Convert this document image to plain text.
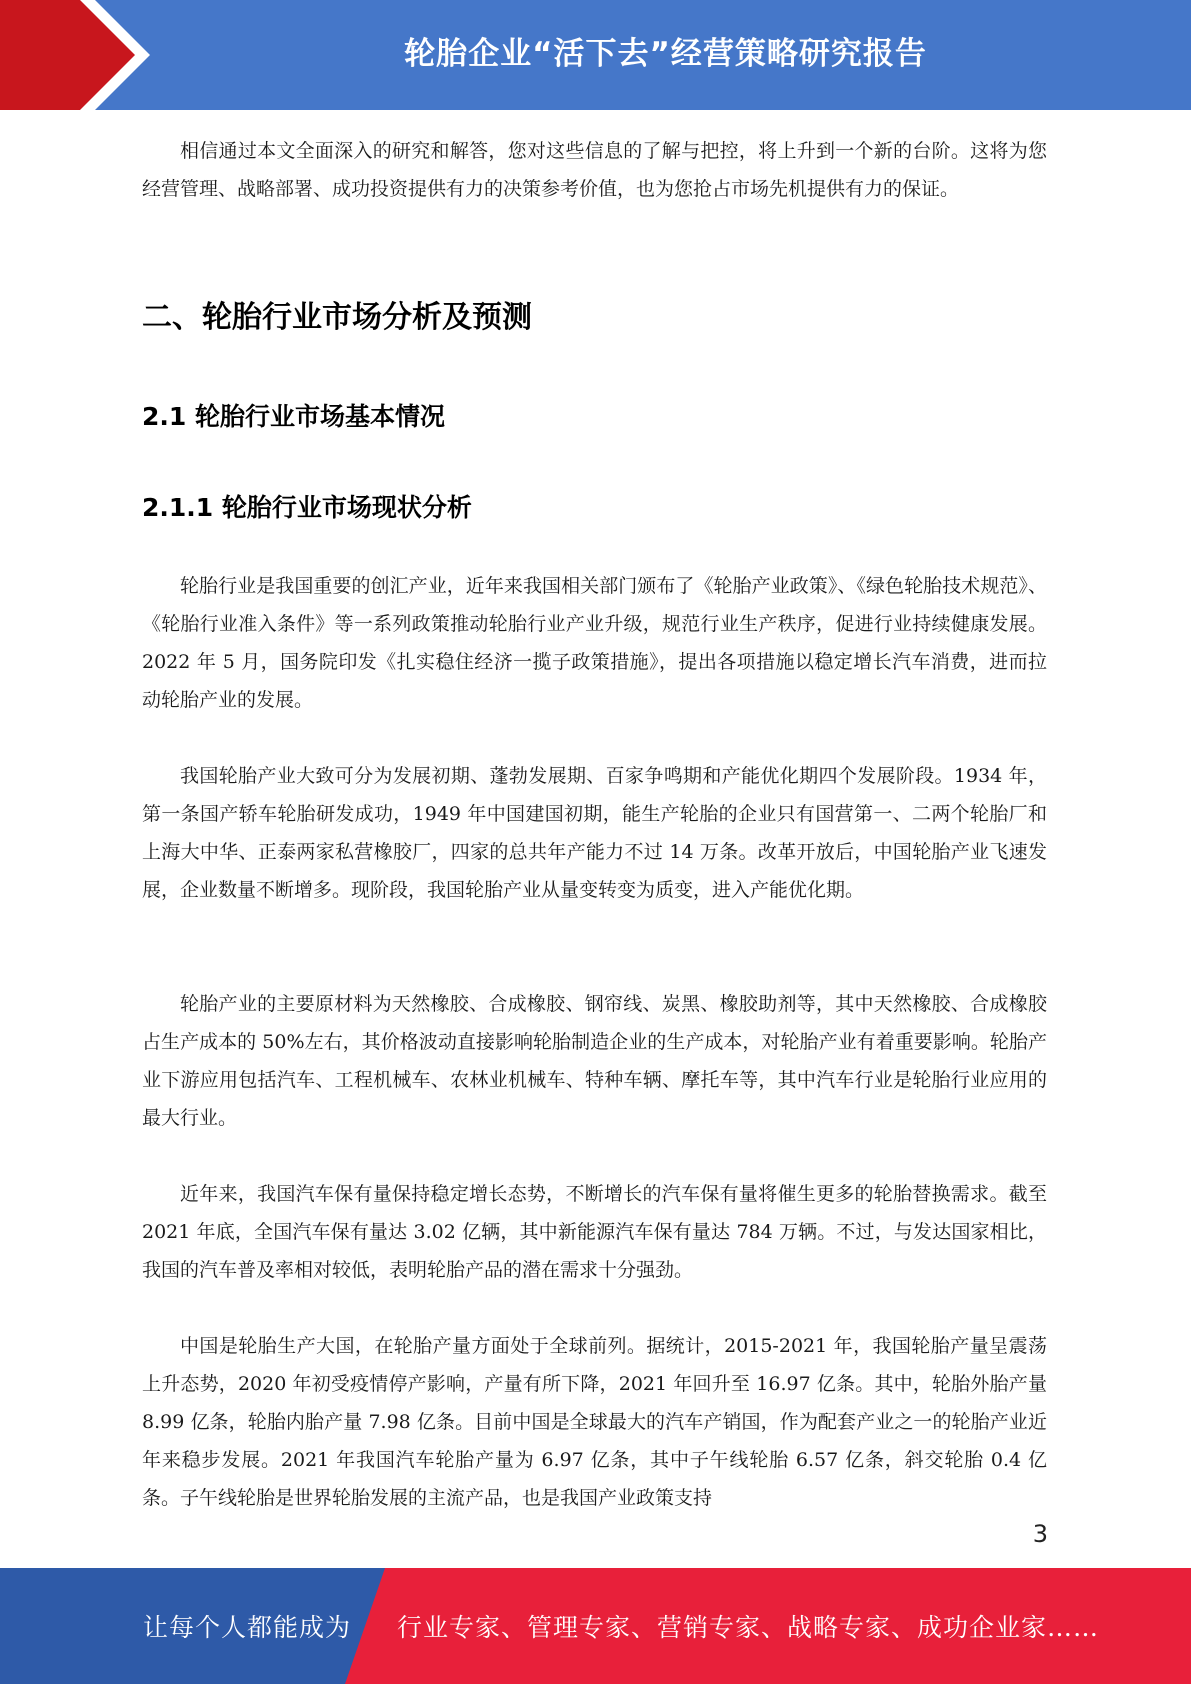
轮胎企业“活下去”经营策略研究报告

相信通过本文全面深入的研究和解答，您对这些信息的了解与把控，将上升到一个新的台阶。这将为您经营管理、战略部署、成功投资提供有力的决策参考价值，也为您抢占市场先机提供有力的保证。

二、轮胎行业市场分析及预测
2.1 轮胎行业市场基本情况
2.1.1 轮胎行业市场现状分析

轮胎行业是我国重要的创汇产业，近年来我国相关部门颁布了《轮胎产业政策》、《绿色轮胎技术规范》、《轮胎行业准入条件》等一系列政策推动轮胎行业产业升级，规范行业生产秩序，促进行业持续健康发展。2022 年 5 月，国务院印发《扎实稳住经济一揽子政策措施》，提出各项措施以稳定增长汽车消费，进而拉动轮胎产业的发展。

我国轮胎产业大致可分为发展初期、蓬勃发展期、百家争鸣期和产能优化期四个发展阶段。1934 年，第一条国产轿车轮胎研发成功，1949 年中国建国初期，能生产轮胎的企业只有国营第一、二两个轮胎厂和上海大中华、正泰两家私营橡胶厂，四家的总共年产能力不过 14 万条。改革开放后，中国轮胎产业飞速发展，企业数量不断增多。现阶段，我国轮胎产业从量变转变为质变，进入产能优化期。

轮胎产业的主要原材料为天然橡胶、合成橡胶、钢帘线、炭黑、橡胶助剂等，其中天然橡胶、合成橡胶占生产成本的 50%左右，其价格波动直接影响轮胎制造企业的生产成本，对轮胎产业有着重要影响。轮胎产业下游应用包括汽车、工程机械车、农林业机械车、特种车辆、摩托车等，其中汽车行业是轮胎行业应用的最大行业。

近年来，我国汽车保有量保持稳定增长态势，不断增长的汽车保有量将催生更多的轮胎替换需求。截至 2021 年底，全国汽车保有量达 3.02 亿辆，其中新能源汽车保有量达 784 万辆。不过，与发达国家相比，我国的汽车普及率相对较低，表明轮胎产品的潜在需求十分强劲。

中国是轮胎生产大国，在轮胎产量方面处于全球前列。据统计，2015-2021 年，我国轮胎产量呈震荡上升态势，2020 年初受疫情停产影响，产量有所下降，2021 年回升至 16.97 亿条。其中，轮胎外胎产量 8.99 亿条，轮胎内胎产量 7.98 亿条。目前中国是全球最大的汽车产销国，作为配套产业之一的轮胎产业近年来稳步发展。2021 年我国汽车轮胎产量为 6.97 亿条，其中子午线轮胎 6.57 亿条，斜交轮胎 0.4 亿条。子午线轮胎是世界轮胎发展的主流产品，也是我国产业政策支持

3
让每个人都能成为 行业专家、管理专家、营销专家、战略专家、成功企业家……
